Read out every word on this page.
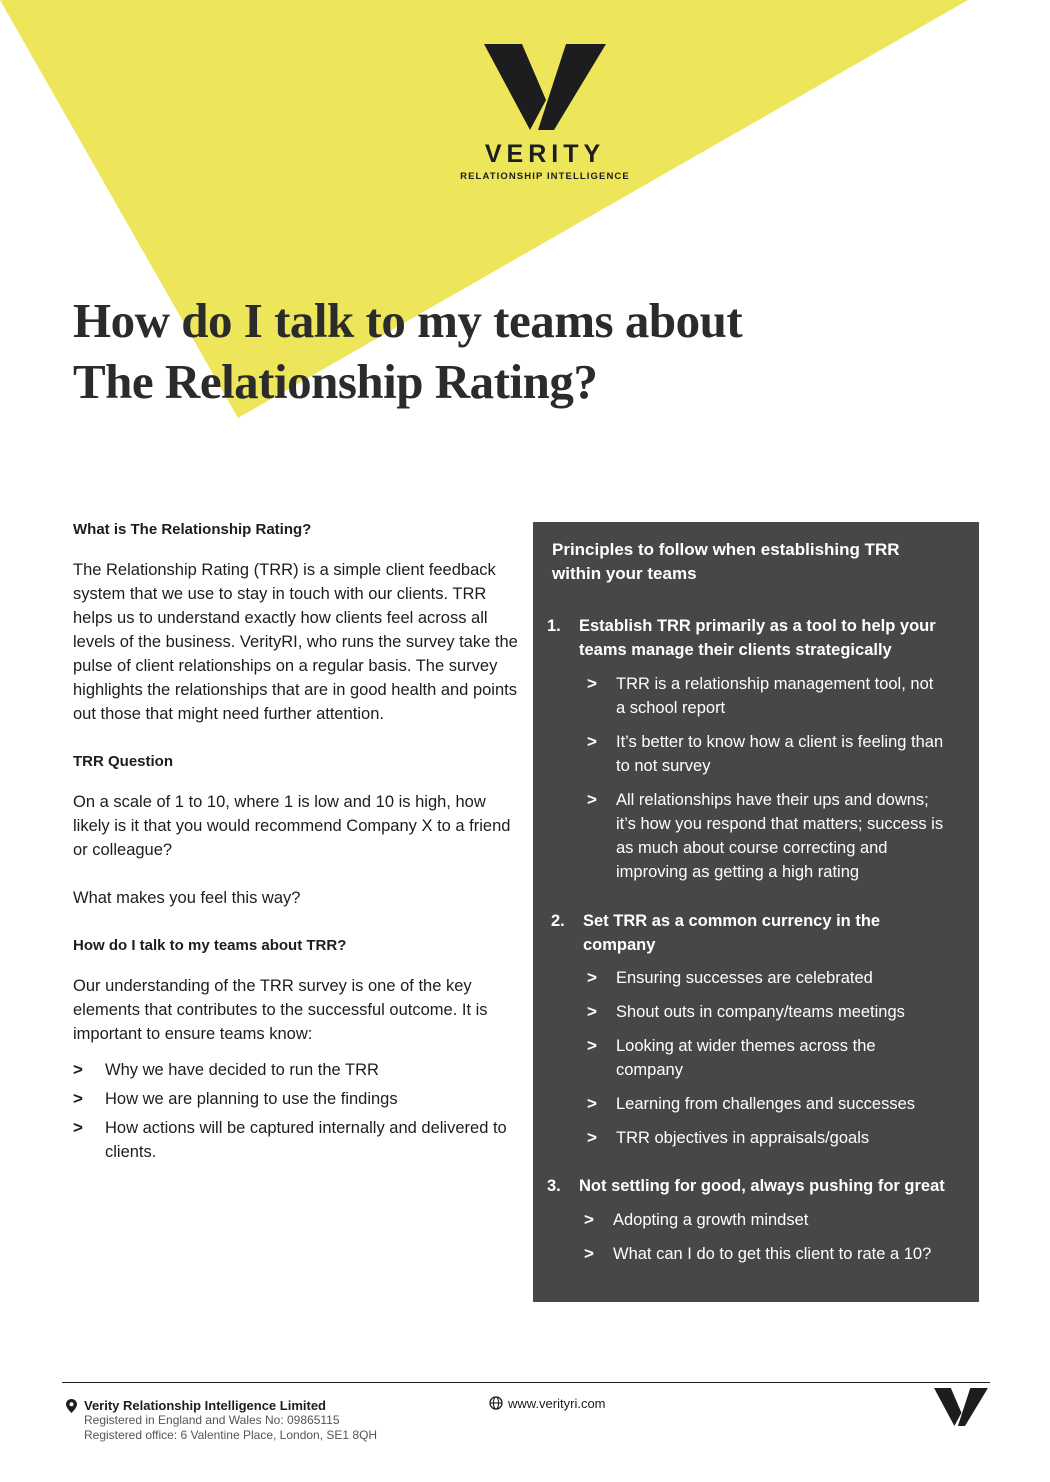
VERITY
RELATIONSHIP INTELLIGENCE
How do I talk to my teams about
The Relationship Rating?
What is The Relationship Rating?

The Relationship Rating (TRR) is a simple client feedback system that we use to stay in touch with our clients. TRR helps us to understand exactly how clients feel across all levels of the business. VerityRI, who runs the survey take the pulse of client relationships on a regular basis. The survey highlights the relationships that are in good health and points out those that might need further attention.

TRR Question

On a scale of 1 to 10, where 1 is low and 10 is high, how likely is it that you would recommend Company X to a friend or colleague?

What makes you feel this way?

How do I talk to my teams about TRR?

Our understanding of the TRR survey is one of the key elements that contributes to the successful outcome. It is important to ensure teams know:

> Why we have decided to run the TRR
> How we are planning to use the findings
> How actions will be captured internally and delivered to clients.
Principles to follow when establishing TRR within your teams
1. Establish TRR primarily as a tool to help your teams manage their clients strategically
>	TRR is a relationship management tool, not a school report
>	It’s better to know how a client is feeling than to not survey
>	All relationships have their ups and downs; it’s how you respond that matters; success is as much about course correcting and improving as getting a high rating
2. Set TRR as a common currency in the company
>	Ensuring successes are celebrated
>	Shout outs in company/teams meetings
>	Looking at wider themes across the company
>	Learning from challenges and successes
>	TRR objectives in appraisals/goals
3. Not settling for good, always pushing for great
>	Adopting a growth mindset
>	What can I do to get this client to rate a 10?
Verity Relationship Intelligence Limited
Registered in England and Wales No: 09865115
Registered office: 6 Valentine Place, London, SE1 8QH
www.verityri.com
